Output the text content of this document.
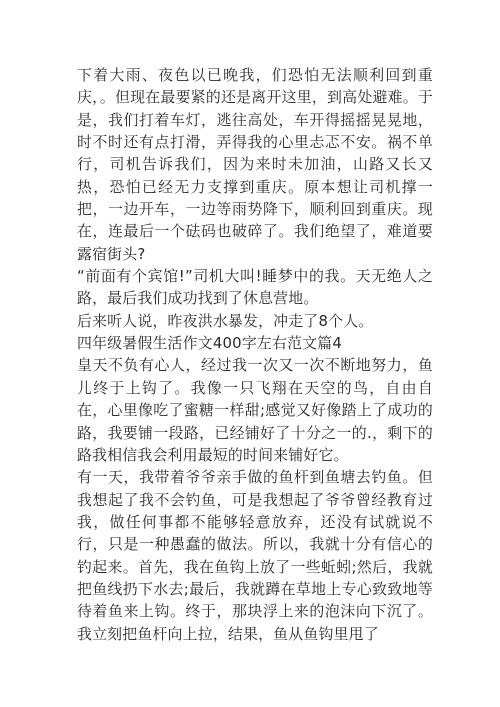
下着大雨、夜色以已晚我，们恐怕无法顺利回到重庆，。但现在最要紧的还是离开这里，到高处避难。于是，我们打着车灯，逃往高处，车开得摇摇晃晃地，时不时还有点打滑，弄得我的心里忐忑不安。祸不单行，司机告诉我们，因为来时未加油，山路又长又热，恐怕已经无力支撑到重庆。原本想让司机撑一把，一边开车，一边等雨势降下，顺利回到重庆。现在，连最后一个砝码也破碎了。我们绝望了，难道要露宿街头?

“前面有个宾馆!”司机大叫!睡梦中的我。天无绝人之路，最后我们成功找到了休息营地。

后来听人说，昨夜洪水暴发，冲走了8个人。

四年级暑假生活作文400字左右范文篇4

皇天不负有心人，经过我一次又一次不断地努力，鱼儿终于上钩了。我像一只飞翔在天空的鸟，自由自在，心里像吃了蜜糖一样甜;感觉又好像踏上了成功的路，我要铺一段路，已经铺好了十分之一的.，剩下的路我相信我会利用最短的时间来铺好它。

有一天，我带着爷爷亲手做的鱼杆到鱼塘去钓鱼。但我想起了我不会钓鱼，可是我想起了爷爷曾经教育过我，做任何事都不能够轻意放弃，还没有试就说不行，只是一种愚蠢的做法。所以，我就十分有信心的钓起来。首先，我在鱼钩上放了一些蚯蚓;然后，我就把鱼线扔下水去;最后，我就蹲在草地上专心致致地等待着鱼来上钩。终于，那块浮上来的泡沫向下沉了。我立刻把鱼杆向上拉，结果，鱼从鱼钩里甩了
